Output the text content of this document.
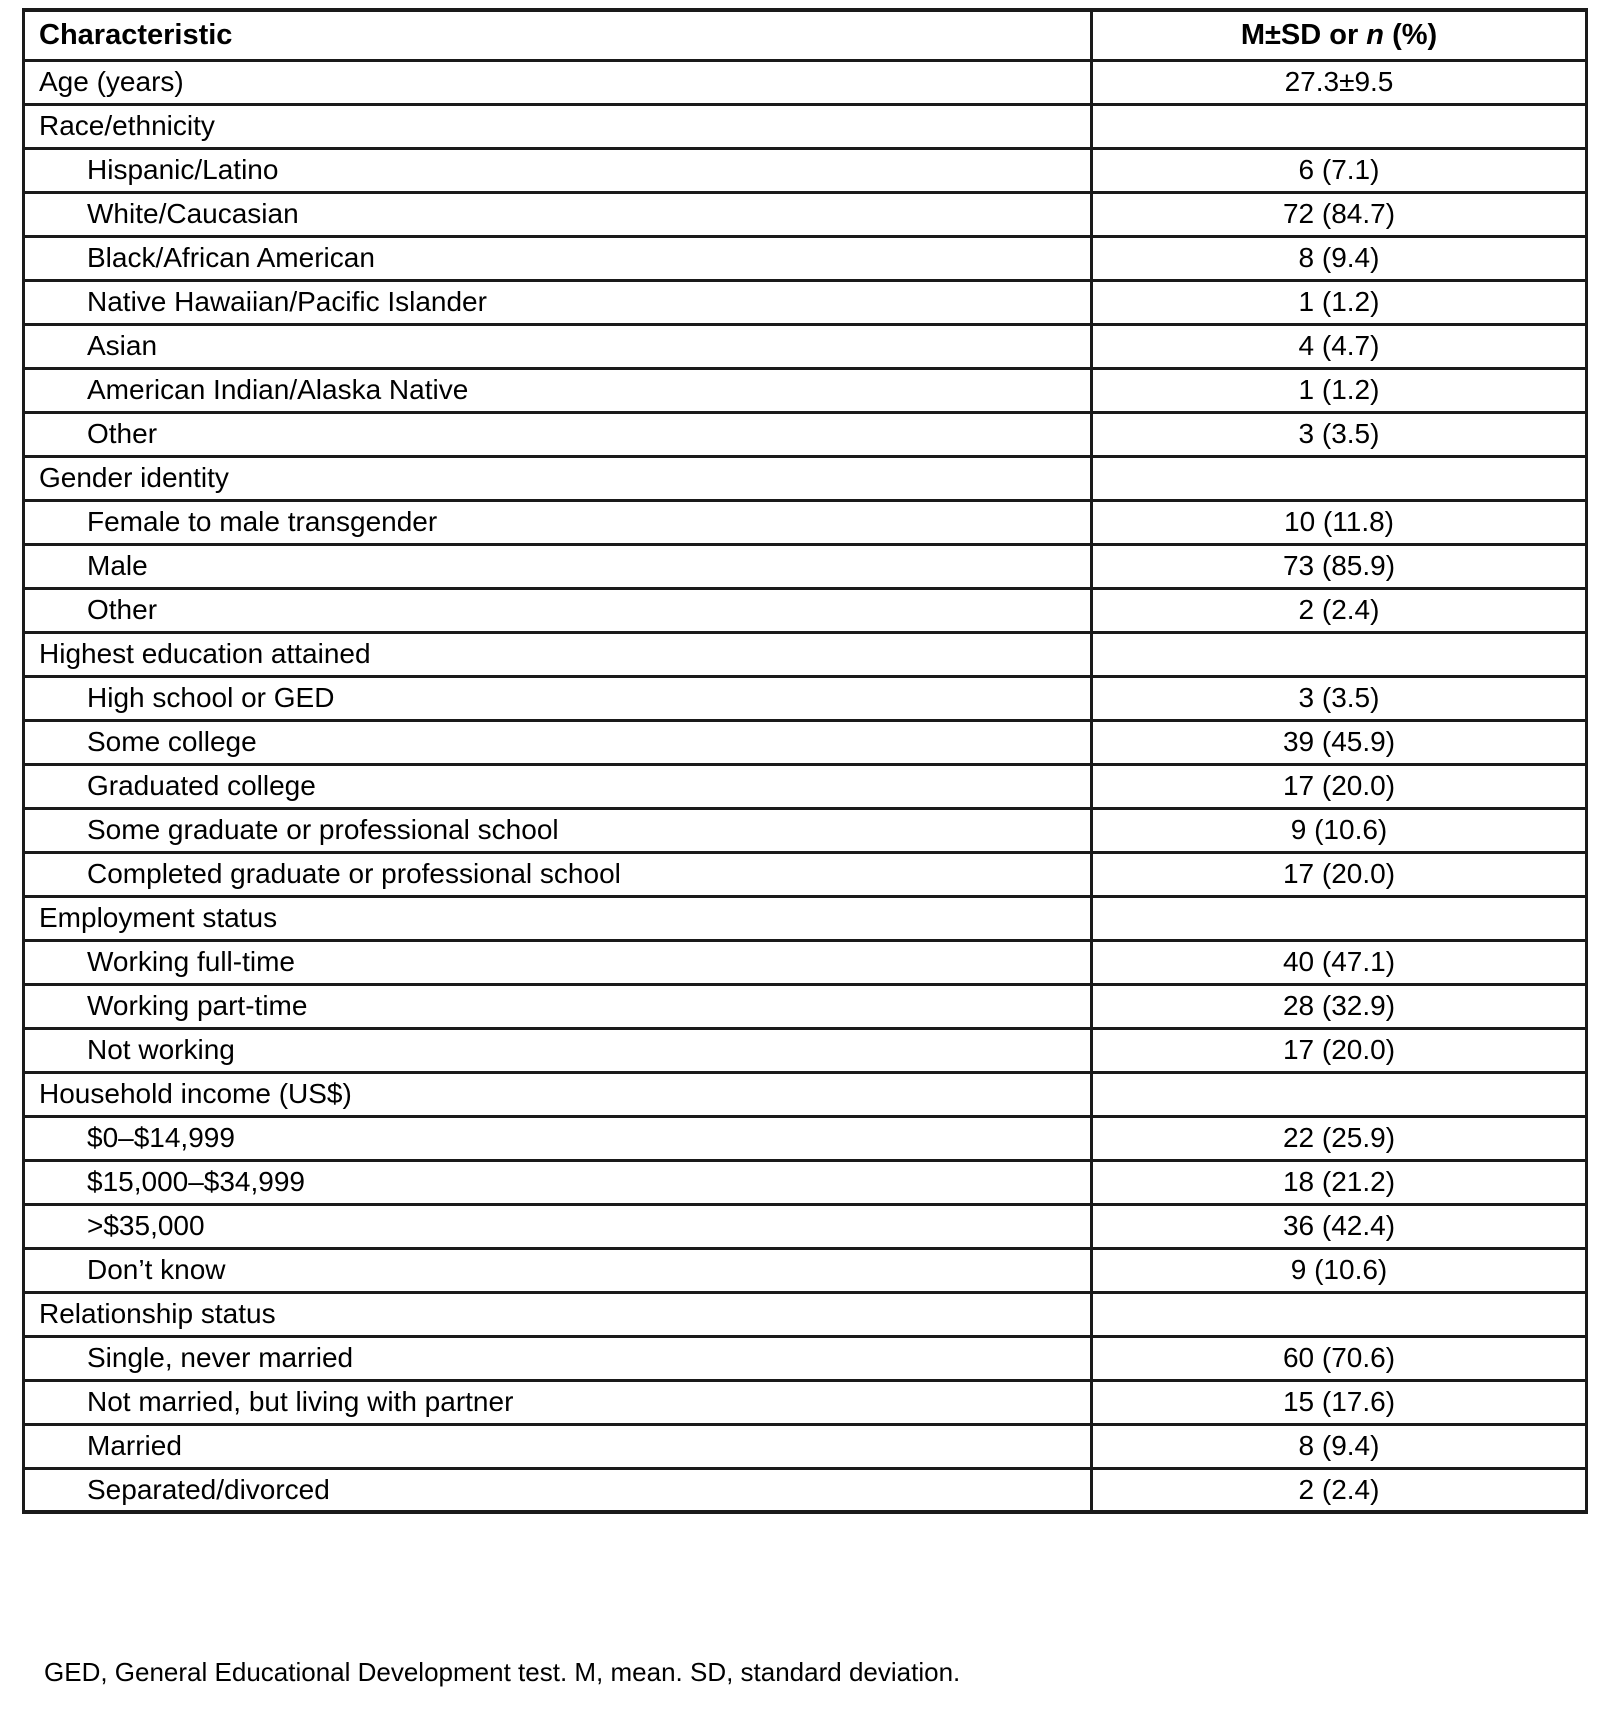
Characteristic	M±SD or n (%)
Age (years)	27.3±9.5
Race/ethnicity	
Hispanic/Latino	6 (7.1)
White/Caucasian	72 (84.7)
Black/African American	8 (9.4)
Native Hawaiian/Pacific Islander	1 (1.2)
Asian	4 (4.7)
American Indian/Alaska Native	1 (1.2)
Other	3 (3.5)
Gender identity	
Female to male transgender	10 (11.8)
Male	73 (85.9)
Other	2 (2.4)
Highest education attained	
High school or GED	3 (3.5)
Some college	39 (45.9)
Graduated college	17 (20.0)
Some graduate or professional school	9 (10.6)
Completed graduate or professional school	17 (20.0)
Employment status	
Working full-time	40 (47.1)
Working part-time	28 (32.9)
Not working	17 (20.0)
Household income (US$)	
$0–$14,999	22 (25.9)
$15,000–$34,999	18 (21.2)
>$35,000	36 (42.4)
Don’t know	9 (10.6)
Relationship status	
Single, never married	60 (70.6)
Not married, but living with partner	15 (17.6)
Married	8 (9.4)
Separated/divorced	2 (2.4)
GED, General Educational Development test. M, mean. SD, standard deviation.
